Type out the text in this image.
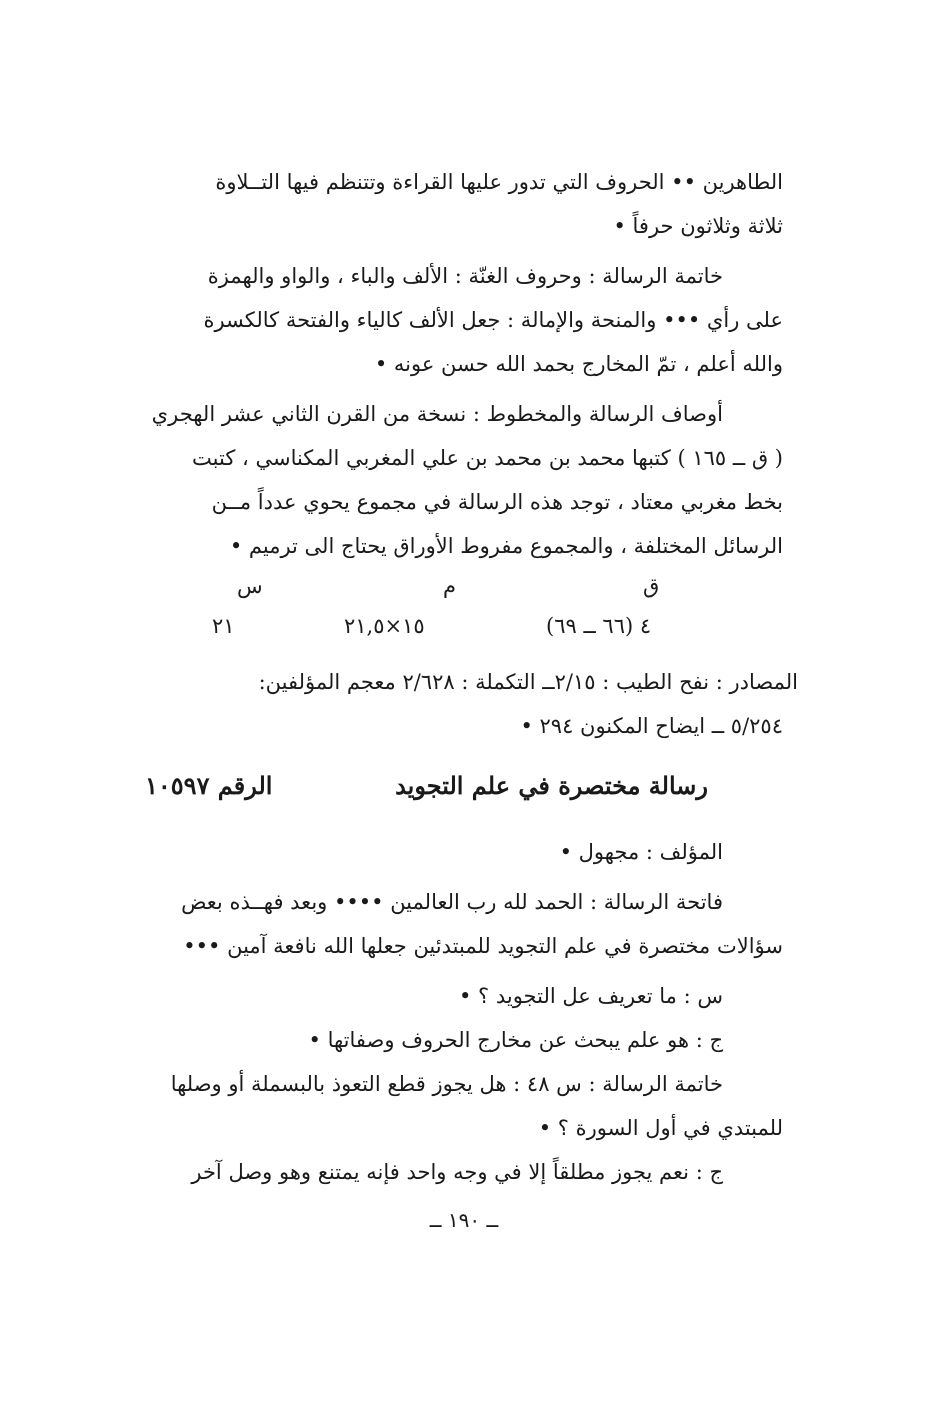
الطاهرين •• الحروف التي تدور عليها القراءة وتتنظم فيها التــلاوة
ثلاثة وثلاثون حرفاً •
خاتمة الرسالة : وحروف الغنّة : الألف والباء ، والواو والهمزة
على رأي ••• والمنحة والإمالة : جعل الألف كالياء والفتحة كالكسرة
والله أعلم ، تمّ المخارج بحمد الله حسن عونه •
أوصاف الرسالة والمخطوط : نسخة من القرن الثاني عشر الهجري
( ق ــ ١٦٥ ) كتبها محمد بن محمد بن علي المغربي المكناسي ، كتبت
بخط مغربي معتاد ، توجد هذه الرسالة في مجموع يحوي عدداً مــن
الرسائل المختلفة ، والمجموع مفروط الأوراق يحتاج الى ترميم •
ق
م
س
٤ (٦٦ ــ ٦٩)
١٥×٢١,٥
٢١
المصادر : نفح الطيب : ٢/١٥ــ التكملة : ٢/٦٢٨ معجم المؤلفين:
٥/٢٥٤ ــ ايضاح المكنون ٢٩٤ •
رسالة مختصرة في علم التجويد
الرقم ١٠٥٩٧
المؤلف : مجهول •
فاتحة الرسالة : الحمد لله رب العالمين •••• وبعد فهــذه بعض
سؤالات مختصرة في علم التجويد للمبتدئين جعلها الله نافعة آمين •••
س : ما تعريف عل التجويد ؟ •
ج : هو علم يبحث عن مخارج الحروف وصفاتها •
خاتمة الرسالة : س ٤٨ : هل يجوز قطع التعوذ بالبسملة أو وصلها
للمبتدي في أول السورة ؟ •
ج : نعم يجوز مطلقاً إلا في وجه واحد فإنه يمتنع وهو وصل آخر
ــ ١٩٠ ــ
